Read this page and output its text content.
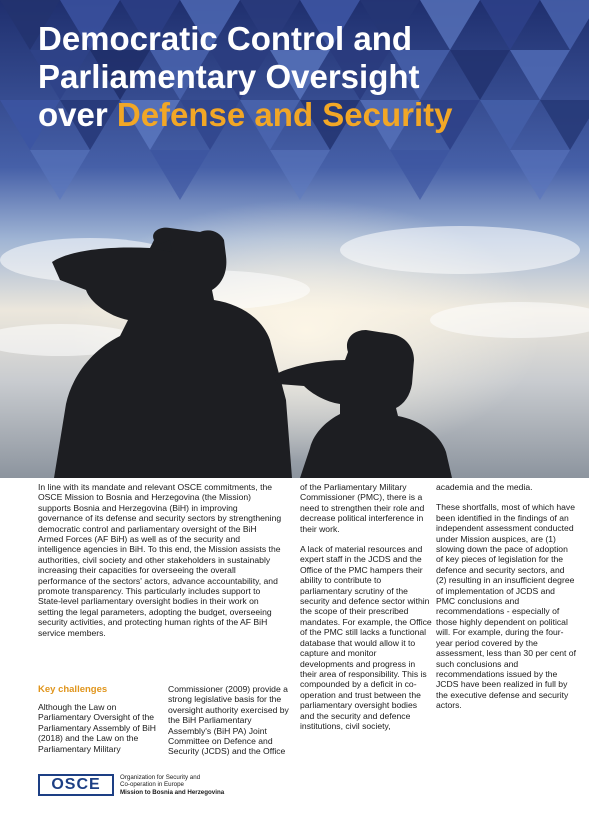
Democratic Control and
Parliamentary Oversight
over Defense and Security
In line with its mandate and relevant OSCE commitments, the OSCE Mission to Bosnia and Herzegovina (the Mission) supports Bosnia and Herzegovina (BiH) in improving governance of its defense and security sectors by strengthening democratic control and parliamentary oversight of the BiH Armed Forces (AF BiH) as well as of the security and intelligence agencies in BiH. To this end, the Mission assists the authorities, civil society and other stakeholders in sustainably increasing their capacities for overseeing the overall performance of the sectors' actors, advance accountability, and promote transparency. This particularly includes support to State-level parliamentary oversight bodies in their work on setting the legal parameters, adopting the budget, overseeing security activities, and protecting human rights of the AF BiH service members.
Key challenges
Although the Law on Parliamentary Oversight of the Parliamentary Assembly of BiH (2018) and the Law on the Parliamentary Military
Commissioner (2009) provide a strong legislative basis for the oversight authority exercised by the BiH Parliamentary Assembly's (BiH PA) Joint Committee on Defence and Security (JCDS) and the Office

of the Parliamentary Military Commissioner (PMC), there is a need to strengthen their role and decrease political interference in their work.

A lack of material resources and expert staff in the JCDS and the Office of the PMC hampers their ability to contribute to parliamentary scrutiny of the security and defence sector within the scope of their prescribed mandates. For example, the Office of the PMC still lacks a functional database that would allow it to capture and monitor developments and progress in their area of responsibility. This is compounded by a deficit in co-operation and trust between the parliamentary oversight bodies and the security and defence institutions, civil society,

academia and the media.

These shortfalls, most of which have been identified in the findings of an independent assessment conducted under Mission auspices, are (1) slowing down the pace of adoption of key pieces of legislation for the defence and security sectors, and (2) resulting in an insufficient degree of implementation of JCDS and PMC conclusions and recommendations - especially of those highly dependent on political will. For example, during the four-year period covered by the assessment, less than 30 per cent of such conclusions and recommendations issued by the JCDS have been realized in full by the executive defense and security actors.

OSCE	Organization for Security and
Co-operation in Europe
Mission to Bosnia and Herzegovina
